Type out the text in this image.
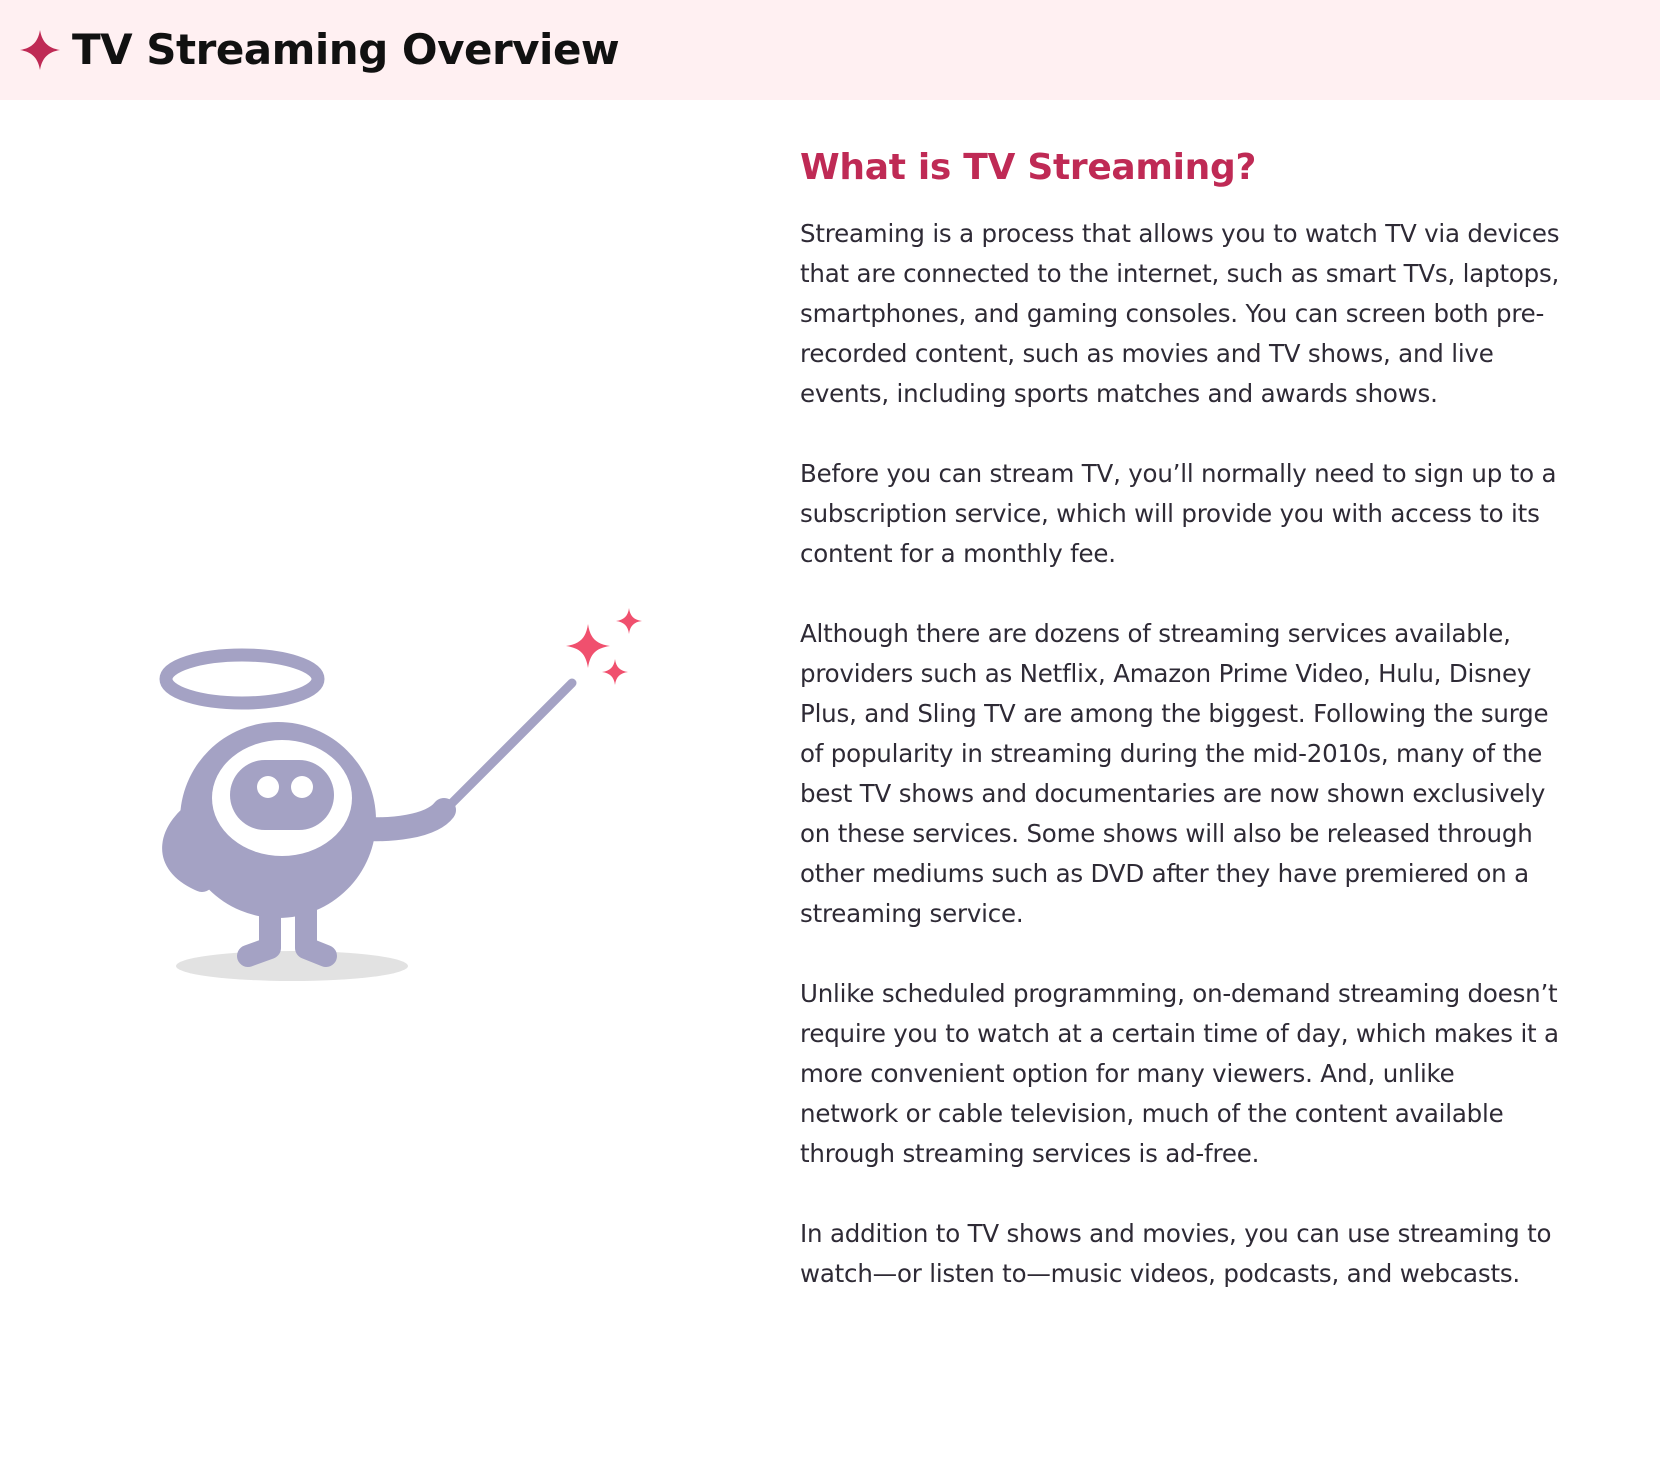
TV Streaming Overview
What is TV Streaming?

Streaming is a process that allows you to watch TV via devices that are connected to the internet, such as smart TVs, laptops, smartphones, and gaming consoles. You can screen both pre-recorded content, such as movies and TV shows, and live events, including sports matches and awards shows.

Before you can stream TV, you’ll normally need to sign up to a subscription service, which will provide you with access to its content for a monthly fee.

Although there are dozens of streaming services available, providers such as Netflix, Amazon Prime Video, Hulu, Disney Plus, and Sling TV are among the biggest. Following the surge of popularity in streaming during the mid-2010s, many of the best TV shows and documentaries are now shown exclusively on these services. Some shows will also be released through other mediums such as DVD after they have premiered on a streaming service.

Unlike scheduled programming, on-demand streaming doesn’t require you to watch at a certain time of day, which makes it a more convenient option for many viewers. And, unlike network or cable television, much of the content available through streaming services is ad-free.

In addition to TV shows and movies, you can use streaming to watch—or listen to—music videos, podcasts, and webcasts.
